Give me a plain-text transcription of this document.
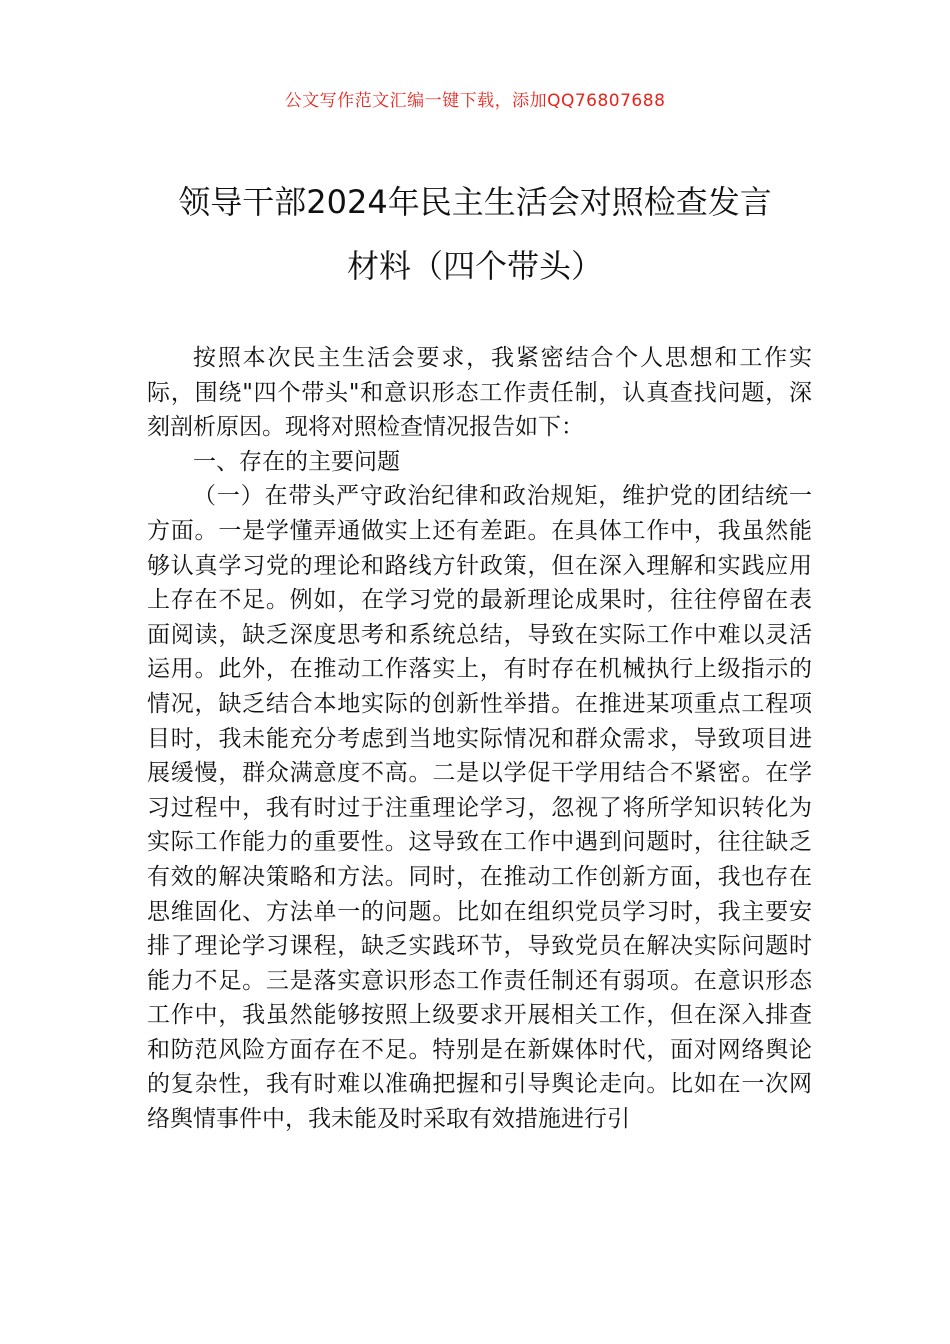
公文写作范文汇编一键下载，添加QQ76807688
领导干部2024年民主生活会对照检查发言
材料（四个带头）

按照本次民主生活会要求，我紧密结合个人思想和工作实际，围绕"四个带头"和意识形态工作责任制，认真查找问题，深刻剖析原因。现将对照检查情况报告如下：

一、存在的主要问题

（一）在带头严守政治纪律和政治规矩，维护党的团结统一方面。一是学懂弄通做实上还有差距。在具体工作中，我虽然能够认真学习党的理论和路线方针政策，但在深入理解和实践应用上存在不足。例如，在学习党的最新理论成果时，往往停留在表面阅读，缺乏深度思考和系统总结，导致在实际工作中难以灵活运用。此外，在推动工作落实上，有时存在机械执行上级指示的情况，缺乏结合本地实际的创新性举措。在推进某项重点工程项目时，我未能充分考虑到当地实际情况和群众需求，导致项目进展缓慢，群众满意度不高。二是以学促干学用结合不紧密。在学习过程中，我有时过于注重理论学习，忽视了将所学知识转化为实际工作能力的重要性。这导致在工作中遇到问题时，往往缺乏有效的解决策略和方法。同时，在推动工作创新方面，我也存在思维固化、方法单一的问题。比如在组织党员学习时，我主要安排了理论学习课程，缺乏实践环节，导致党员在解决实际问题时能力不足。三是落实意识形态工作责任制还有弱项。在意识形态工作中，我虽然能够按照上级要求开展相关工作，但在深入排查和防范风险方面存在不足。特别是在新媒体时代，面对网络舆论的复杂性，我有时难以准确把握和引导舆论走向。比如在一次网络舆情事件中，我未能及时采取有效措施进行引
